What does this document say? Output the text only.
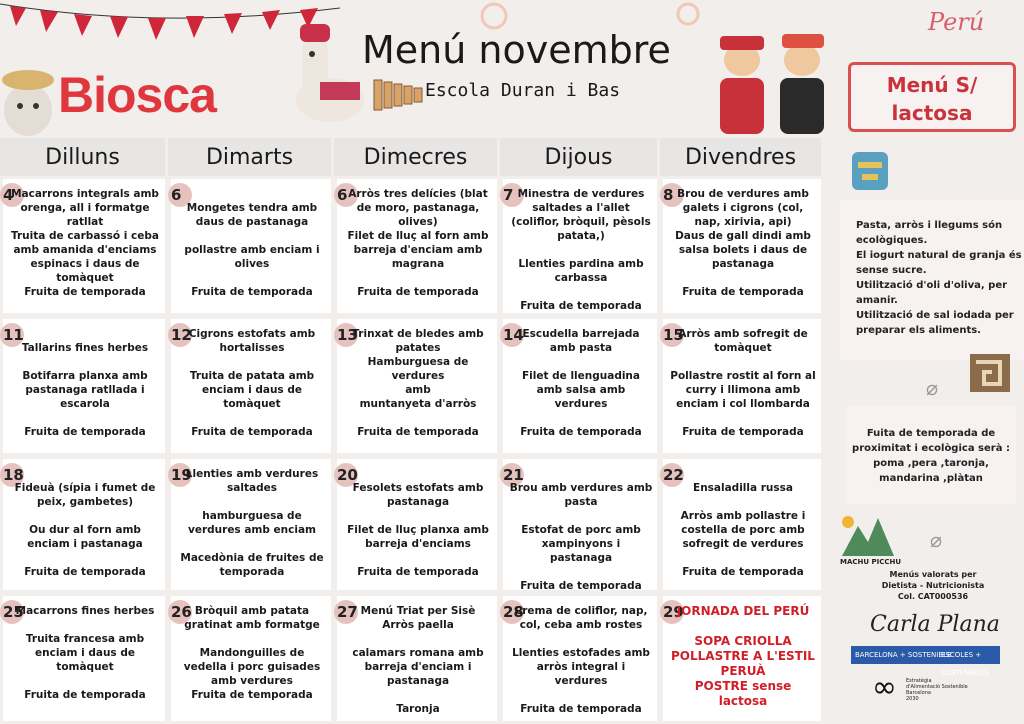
Biosca
Menú novembre
Escola Duran i Bas
Perú
Menú S/ lactosa
Dilluns	Dimarts	Dimecres	Dijous	Divendres
4
Macarrons integrals amb orenga, all i formatge ratllat
Truita de carbassó i ceba amb amanida d'enciams espinacs i daus de tomàquet
Fruita de temporada
6

Mongetes tendra amb daus de pastanaga

pollastre amb enciam i olives

Fruita de temporada
6 Arròs tres delícies (blat de moro, pastanaga, olives)
Filet de lluç al forn amb barreja d'enciam amb magrana

Fruita de temporada
7 Minestra de verdures saltades a l'allet (coliflor, bròquil, pèsols patata,)

Llenties pardina amb carbassa

Fruita de temporada
8 Brou de verdures amb galets i cigrons (col, nap, xirivia, api)
Daus de gall dindi amb salsa bolets i daus de pastanaga

Fruita de temporada
11

Tallarins fines herbes

Botifarra planxa amb pastanaga ratllada i escarola

Fruita de temporada
12
Cigrons estofats amb hortalisses

Truita de patata amb enciam i daus de tomàquet

Fruita de temporada
13
Trinxat de bledes amb patates
Hamburguesa de verdures
amb
muntanyeta d'arròs

Fruita de temporada
14
Escudella barrejada amb pasta

Filet de llenguadina amb salsa amb verdures

Fruita de temporada
15
Arròs amb sofregit de tomàquet

Pollastre rostit al forn al curry i llimona amb enciam i col llombarda

Fruita de temporada
18

Fideuà (sípia i fumet de peix, gambetes)

Ou dur al forn amb enciam i pastanaga

Fruita de temporada
19
Llenties amb verdures saltades

hamburguesa de verdures amb enciam

Macedònia de fruites de temporada
20

Fesolets estofats amb pastanaga

Filet de lluç planxa amb barreja d'enciams

Fruita de temporada
21

Brou amb verdures amb pasta

Estofat de porc amb xampinyons i pastanaga

Fruita de temporada
22

Ensaladilla russa

Arròs amb pollastre i costella de porc amb sofregit de verdures

Fruita de temporada
25
Macarrons fines herbes

Truita francesa amb enciam i daus de tomàquet

Fruita de temporada
26 Bròquil amb patata gratinat amb formatge

Mandonguilles de vedella i porc guisades amb verdures
Fruita de temporada
27 Menú Triat per Sisè
Arròs paella

calamars romana amb barreja d'enciam i pastanaga

Taronja
28
Crema de coliflor, nap, col, ceba amb rostes

Llenties estofades amb arròs integral i verdures

Fruita de temporada
29
JORNADA DEL PERÚ

SOPA CRIOLLA
POLLASTRE A L'ESTIL PERUÀ
POSTRE sense lactosa

Pasta, arròs i llegums són ecològiques.
El iogurt natural de granja és sense sucre.
Utilització d'oli d'oliva, per amanir.
Utilització de sal iodada per preparar els aliments.

⌀

Fuita de temporada de proximitat i ecològica serà : poma ,pera ,taronja, mandarina ,plàtan

⌀
MACHU PICCHU
Menús valorats per
Dietista - Nutricionista
Col. CAT000536
Carla Plana
BARCELONA + SOSTENIBLE
ESCOLES + SOSTENIBLES
∞ Estratègia
d'Alimentació Sostenible
Barcelona
2030
